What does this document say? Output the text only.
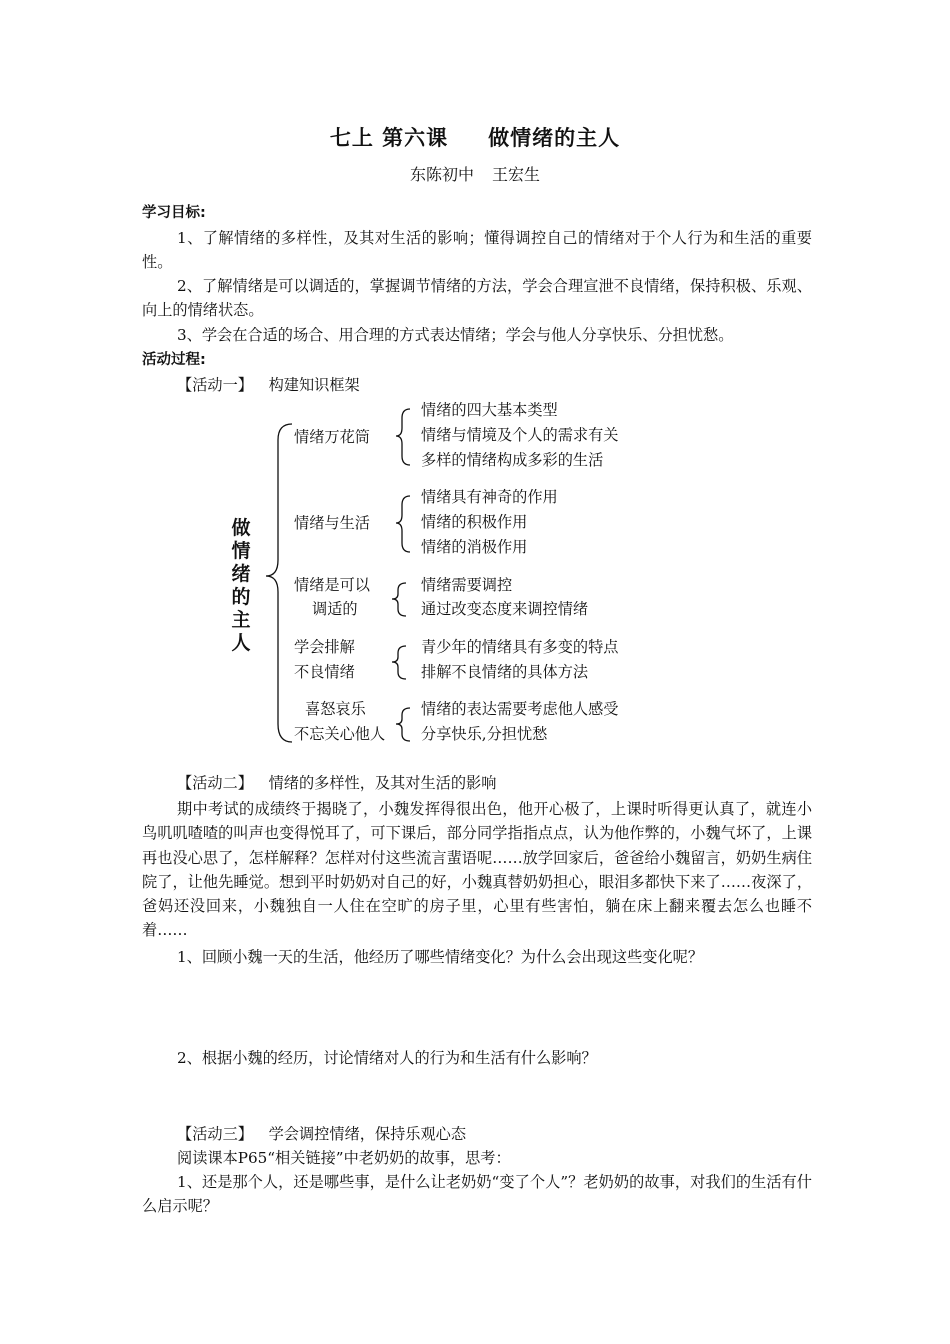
七上 第六课 做情绪的主人
东陈初中 王宏生
学习目标:
1、了解情绪的多样性，及其对生活的影响；懂得调控自己的情绪对于个人行为和生活的重要性。
2、了解情绪是可以调适的，掌握调节情绪的方法，学会合理宣泄不良情绪，保持积极、乐观、向上的情绪状态。
3、学会在合适的场合、用合理的方式表达情绪；学会与他人分享快乐、分担忧愁。
活动过程:
【活动一】 构建知识框架
做
情
绪
的
主
人
情绪万花筒
情绪的四大基本类型
情绪与情境及个人的需求有关
多样的情绪构成多彩的生活
情绪与生活
情绪具有神奇的作用
情绪的积极作用
情绪的消极作用
情绪是可以
调适的
情绪需要调控
通过改变态度来调控情绪
学会排解
不良情绪
青少年的情绪具有多变的特点
排解不良情绪的具体方法
喜怒哀乐
不忘关心他人
情绪的表达需要考虑他人感受
分享快乐,分担忧愁
【活动二】 情绪的多样性，及其对生活的影响
期中考试的成绩终于揭晓了，小魏发挥得很出色，他开心极了，上课时听得更认真了，就连小鸟叽叽喳喳的叫声也变得悦耳了，可下课后，部分同学指指点点，认为他作弊的，小魏气坏了，上课再也没心思了，怎样解释？怎样对付这些流言蜚语呢……放学回家后，爸爸给小魏留言，奶奶生病住院了，让他先睡觉。想到平时奶奶对自己的好，小魏真替奶奶担心，眼泪多都快下来了……夜深了，爸妈还没回来，小魏独自一人住在空旷的房子里，心里有些害怕，躺在床上翻来覆去怎么也睡不着……
1、回顾小魏一天的生活，他经历了哪些情绪变化？为什么会出现这些变化呢？
2、根据小魏的经历，讨论情绪对人的行为和生活有什么影响？
【活动三】 学会调控情绪，保持乐观心态
阅读课本P65“相关链接”中老奶奶的故事，思考：
1、还是那个人，还是哪些事，是什么让老奶奶“变了个人”？老奶奶的故事，对我们的生活有什么启示呢？
